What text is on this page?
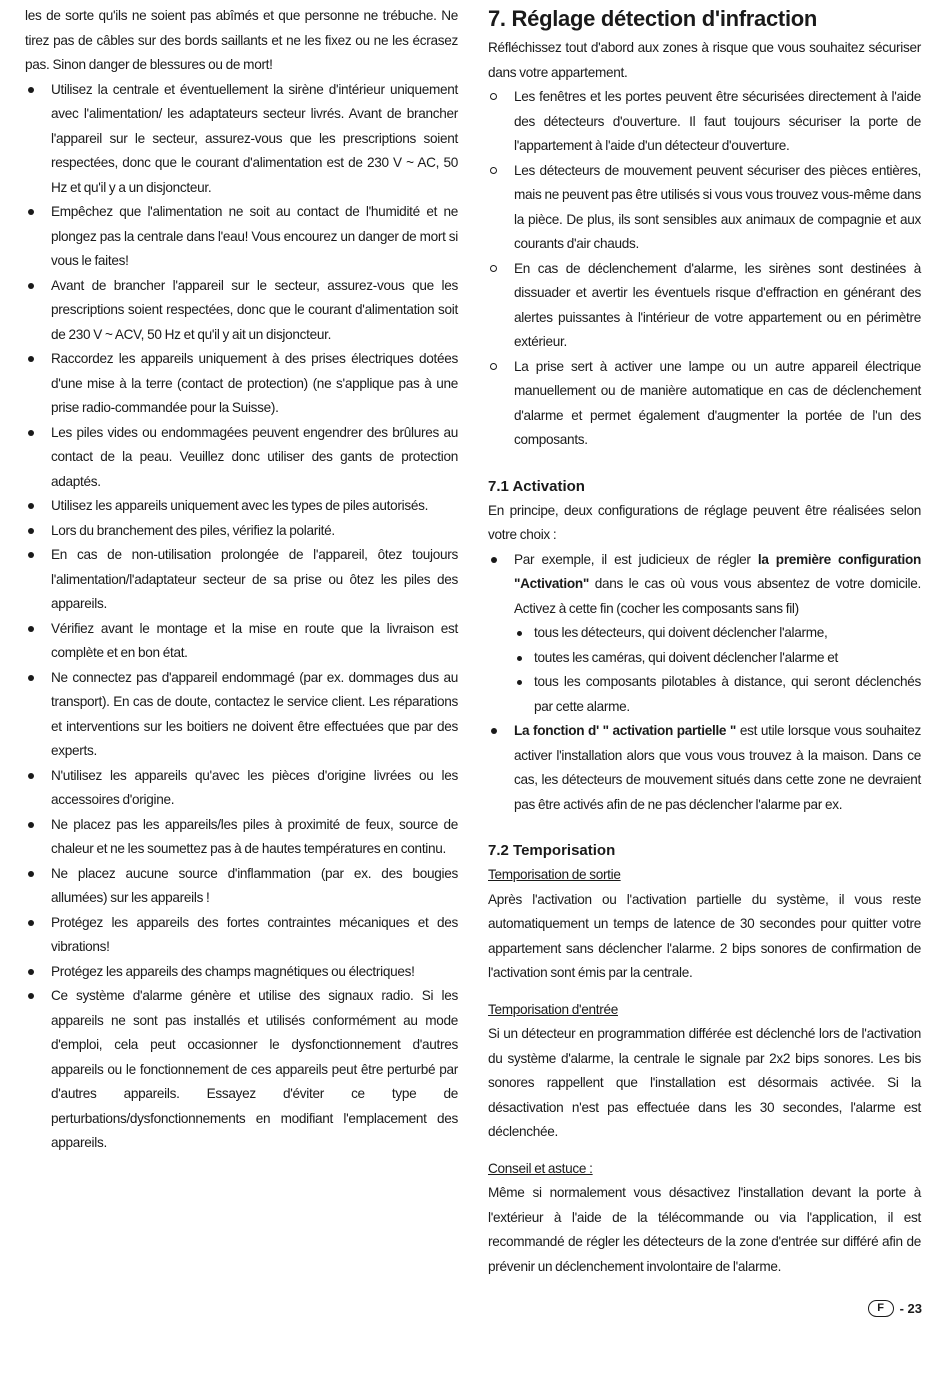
les de sorte qu'ils ne soient pas abîmés et que personne ne trébuche. Ne tirez pas de câbles sur des bords saillants et ne les fixez ou ne les écrasez pas. Sinon danger de blessures ou de mort!

Utilisez la centrale et éventuellement la sirène d'intérieur uniquement avec l'alimentation/ les adaptateurs secteur livrés. Avant de brancher l'appareil sur le secteur, assurez-vous que les prescriptions soient respectées, donc que le courant d'alimentation est de 230 V ~ AC, 50 Hz et qu'il y a un disjoncteur.
Empêchez que l'alimentation ne soit au contact de l'humidité et ne plongez pas la centrale dans l'eau! Vous encourez un danger de mort si vous le faites!
Avant de brancher l'appareil sur le secteur, assurez-vous que les prescriptions soient respectées, donc que le courant d'alimentation soit de 230 V ~ ACV, 50 Hz et qu'il y ait un disjoncteur.
Raccordez les appareils uniquement à des prises électriques dotées d'une mise à la terre (contact de protection) (ne s'applique pas à une prise radio-commandée pour la Suisse).
Les piles vides ou endommagées peuvent engendrer des brûlures au contact de la peau. Veuillez donc utiliser des gants de protection adaptés.
Utilisez les appareils uniquement avec les types de piles autorisés.
Lors du branchement des piles, vérifiez la polarité.
En cas de non-utilisation prolongée de l'appareil, ôtez toujours l'alimentation/l'adaptateur secteur de sa prise ou ôtez les piles des appareils.
Vérifiez avant le montage et la mise en route que la livraison est complète et en bon état.
Ne connectez pas d'appareil endommagé (par ex. dommages dus au transport). En cas de doute, contactez le service client. Les réparations et interventions sur les boitiers ne doivent être effectuées que par des experts.
N'utilisez les appareils qu'avec les pièces d'origine livrées ou les accessoires d'origine.
Ne placez pas les appareils/les piles à proximité de feux, source de chaleur et ne les soumettez pas à de hautes températures en continu.
Ne placez aucune source d'inflammation (par ex. des bougies allumées) sur les appareils !
Protégez les appareils des fortes contraintes mécaniques et des vibrations!
Protégez les appareils des champs magnétiques ou électriques!
Ce système d'alarme génère et utilise des signaux radio. Si les appareils ne sont pas installés et utilisés conformément au mode d'emploi, cela peut occasionner le dysfonctionnement d'autres appareils ou le fonctionnement de ces appareils peut être perturbé par d'autres appareils. Essayez d'éviter ce type de perturbations/dysfonctionnements en modifiant l'emplacement des appareils.
7. Réglage détection d'infraction

Réfléchissez tout d'abord aux zones à risque que vous souhaitez sécuriser dans votre appartement.

Les fenêtres et les portes peuvent être sécurisées directement à l'aide des détecteurs d'ouverture. Il faut toujours sécuriser la porte de l'appartement à l'aide d'un détecteur d'ouverture.
Les détecteurs de mouvement peuvent sécuriser des pièces entières, mais ne peuvent pas être utilisés si vous vous trouvez vous-même dans la pièce. De plus, ils sont sensibles aux animaux de compagnie et aux courants d'air chauds.
En cas de déclenchement d'alarme, les sirènes sont destinées à dissuader et avertir les éventuels risque d'effraction en générant des alertes puissantes à l'intérieur de votre appartement ou en périmètre extérieur.
La prise sert à activer une lampe ou un autre appareil électrique manuellement ou de manière automatique en cas de déclenchement d'alarme et permet également d'augmenter la portée de l'un des composants.
7.1 Activation

En principe, deux configurations de réglage peuvent être réalisées selon votre choix :

Par exemple, il est judicieux de régler la première configuration "Activation" dans le cas où vous vous absentez de votre domicile. Activez à cette fin (cocher les composants sans fil)
tous les détecteurs, qui doivent déclencher l'alarme,
toutes les caméras, qui doivent déclencher l'alarme et
tous les composants pilotables à distance, qui seront déclenchés par cette alarme.
La fonction d' " activation partielle " est utile lorsque vous souhaitez activer l'installation alors que vous vous trouvez à la maison. Dans ce cas, les détecteurs de mouvement situés dans cette zone ne devraient pas être activés afin de ne pas déclencher l'alarme par ex.
7.2 Temporisation

Temporisation de sortie

Après l'activation ou l'activation partielle du système, il vous reste automatiquement un temps de latence de 30 secondes pour quitter votre appartement sans déclencher l'alarme. 2 bips sonores de confirmation de l'activation sont émis par la centrale.

Temporisation d'entrée

Si un détecteur en programmation différée est déclenché lors de l'activation du système d'alarme, la centrale le signale par 2x2 bips sonores. Les bis sonores rappellent que l'installation est désormais activée. Si la désactivation n'est pas effectuée dans les 30 secondes, l'alarme est déclenchée.

Conseil et astuce :

Même si normalement vous désactivez l'installation devant la porte à l'extérieur à l'aide de la télécommande ou via l'application, il est recommandé de régler les détecteurs de la zone d'entrée sur différé afin de prévenir un déclenchement involontaire de l'alarme.

F	- 23
